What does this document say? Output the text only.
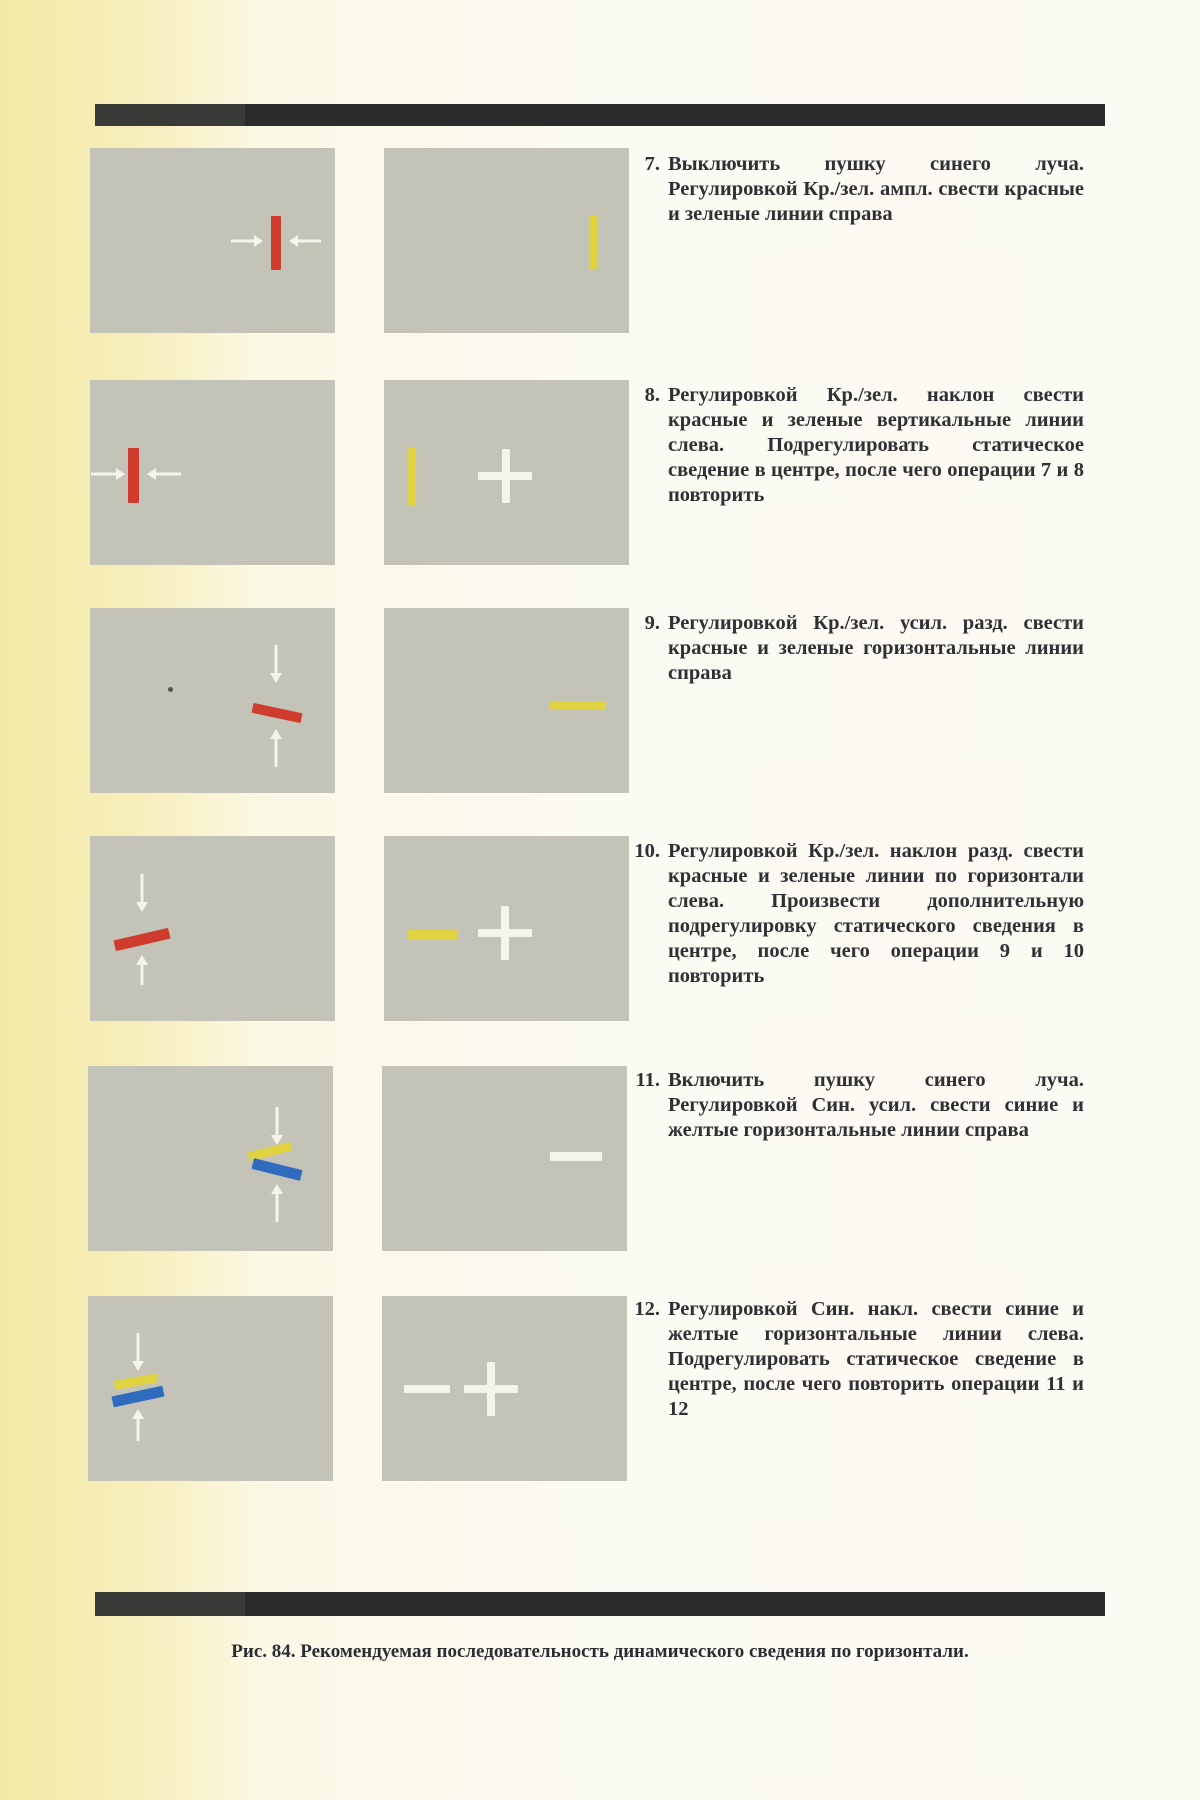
7. Выключить пушку синего луча. Регулировкой Кр./зел. ампл. свести красные и зеленые линии справа
8. Регулировкой Кр./зел. наклон свести красные и зеленые вертикальные линии слева. Подрегулировать статическое сведение в центре, после чего операции 7 и 8 повторить
9. Регулировкой Кр./зел. усил. разд. свести красные и зеленые горизонтальные линии справа
10. Регулировкой Кр./зел. наклон разд. свести красные и зеленые линии по горизонтали слева. Произвести дополнительную подрегулировку статического сведения в центре, после чего операции 9 и 10 повторить
11. Включить пушку синего луча. Регулировкой Син. усил. свести синие и желтые горизонтальные линии справа
12. Регулировкой Син. накл. свести синие и желтые горизонтальные линии слева. Подрегулировать статическое сведение в центре, после чего повторить операции 11 и 12
Рис. 84. Рекомендуемая последовательность динамического сведения по горизонтали.
